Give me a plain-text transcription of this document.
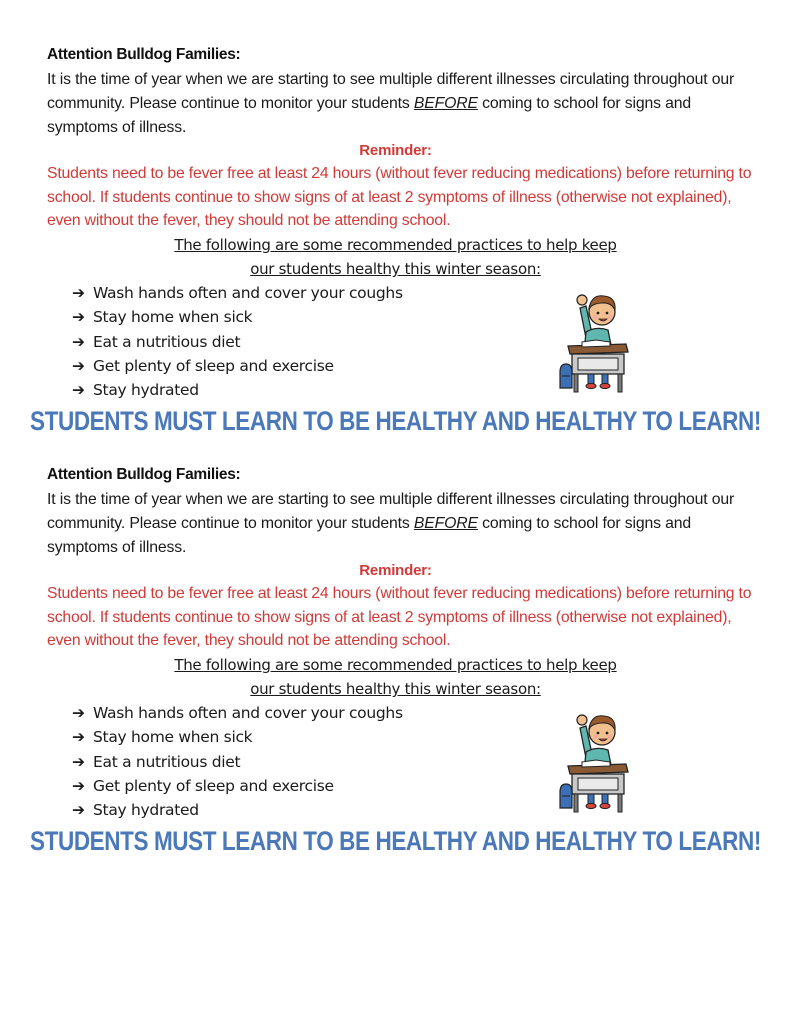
Attention Bulldog Families:

It is the time of year when we are starting to see multiple different illnesses circulating throughout our community. Please continue to monitor your students BEFORE coming to school for signs and symptoms of illness.

Reminder:

Students need to be fever free at least 24 hours (without fever reducing medications) before returning to school. If students continue to show signs of at least 2 symptoms of illness (otherwise not explained), even without the fever, they should not be attending school.

The following are some recommended practices to help keep
our students healthy this winter season:
➔ Wash hands often and cover your coughs
➔ Stay home when sick
➔ Eat a nutritious diet
➔ Get plenty of sleep and exercise
➔ Stay hydrated
STUDENTS MUST LEARN TO BE HEALTHY AND HEALTHY TO LEARN!
Attention Bulldog Families:

It is the time of year when we are starting to see multiple different illnesses circulating throughout our community. Please continue to monitor your students BEFORE coming to school for signs and symptoms of illness.

Reminder:

Students need to be fever free at least 24 hours (without fever reducing medications) before returning to school. If students continue to show signs of at least 2 symptoms of illness (otherwise not explained), even without the fever, they should not be attending school.

The following are some recommended practices to help keep
our students healthy this winter season:
➔ Wash hands often and cover your coughs
➔ Stay home when sick
➔ Eat a nutritious diet
➔ Get plenty of sleep and exercise
➔ Stay hydrated
STUDENTS MUST LEARN TO BE HEALTHY AND HEALTHY TO LEARN!
